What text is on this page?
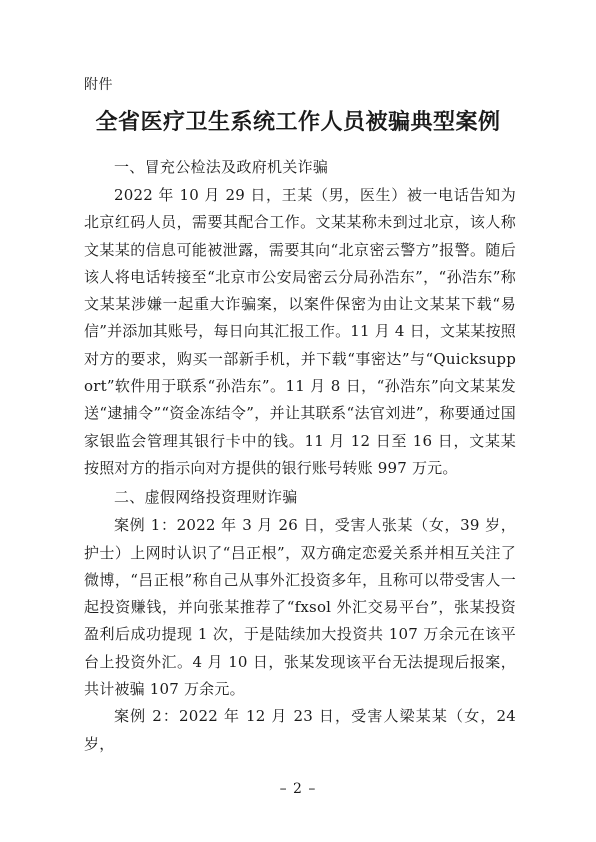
附件
全省医疗卫生系统工作人员被骗典型案例

一、冒充公检法及政府机关诈骗

2022 年 10 月 29 日，王某（男，医生）被一电话告知为北京红码人员，需要其配合工作。文某某称未到过北京，该人称文某某的信息可能被泄露，需要其向“北京密云警方”报警。随后该人将电话转接至“北京市公安局密云分局孙浩东”，“孙浩东”称文某某涉嫌一起重大诈骗案，以案件保密为由让文某某下载“易信”并添加其账号，每日向其汇报工作。11 月 4 日，文某某按照对方的要求，购买一部新手机，并下载“事密达”与“Quicksupport”软件用于联系“孙浩东”。11 月 8 日，“孙浩东”向文某某发送“逮捕令”“资金冻结令”，并让其联系“法官刘进”，称要通过国家银监会管理其银行卡中的钱。11 月 12 日至 16 日，文某某按照对方的指示向对方提供的银行账号转账 997 万元。

二、虚假网络投资理财诈骗

案例 1：2022 年 3 月 26 日，受害人张某（女，39 岁，护士）上网时认识了“吕正根”，双方确定恋爱关系并相互关注了微博，“吕正根”称自己从事外汇投资多年，且称可以带受害人一起投资赚钱，并向张某推荐了“fxsol 外汇交易平台”，张某投资盈利后成功提现 1 次，于是陆续加大投资共 107 万余元在该平台上投资外汇。4 月 10 日，张某发现该平台无法提现后报案，共计被骗 107 万余元。

案例 2：2022 年 12 月 23 日，受害人梁某某（女，24 岁，

– 2 –
